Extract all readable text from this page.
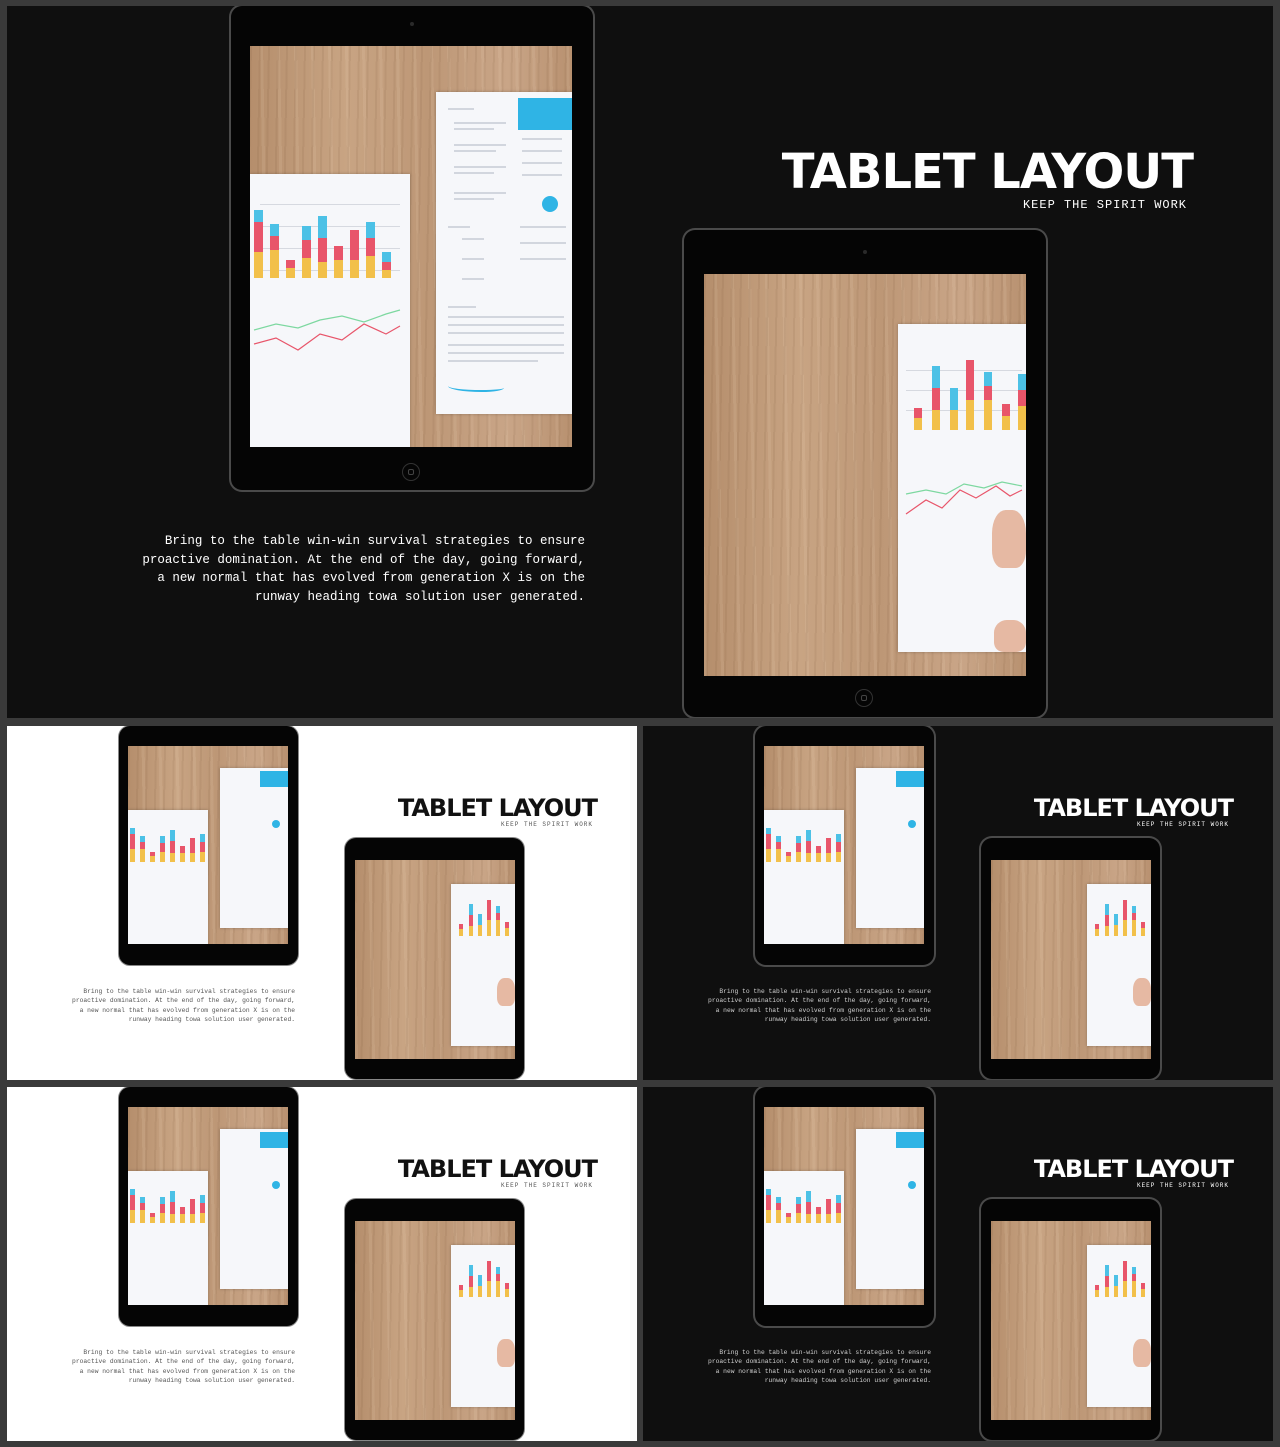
TABLET LAYOUT
KEEP THE SPIRIT WORK
Bring to the table win-win survival strategies to ensure proactive domination. At the end of the day, going forward, a new normal that has evolved from generation X is on the runway heading towa solution user generated.
TABLET LAYOUT
KEEP THE SPIRIT WORK
Bring to the table win-win survival strategies to ensure proactive domination. At the end of the day, going forward, a new normal that has evolved from generation X is on the runway heading towa solution user generated.
TABLET LAYOUT
KEEP THE SPIRIT WORK
Bring to the table win-win survival strategies to ensure proactive domination. At the end of the day, going forward, a new normal that has evolved from generation X is on the runway heading towa solution user generated.
TABLET LAYOUT
KEEP THE SPIRIT WORK
Bring to the table win-win survival strategies to ensure proactive domination. At the end of the day, going forward, a new normal that has evolved from generation X is on the runway heading towa solution user generated.
TABLET LAYOUT
KEEP THE SPIRIT WORK
Bring to the table win-win survival strategies to ensure proactive domination. At the end of the day, going forward, a new normal that has evolved from generation X is on the runway heading towa solution user generated.
